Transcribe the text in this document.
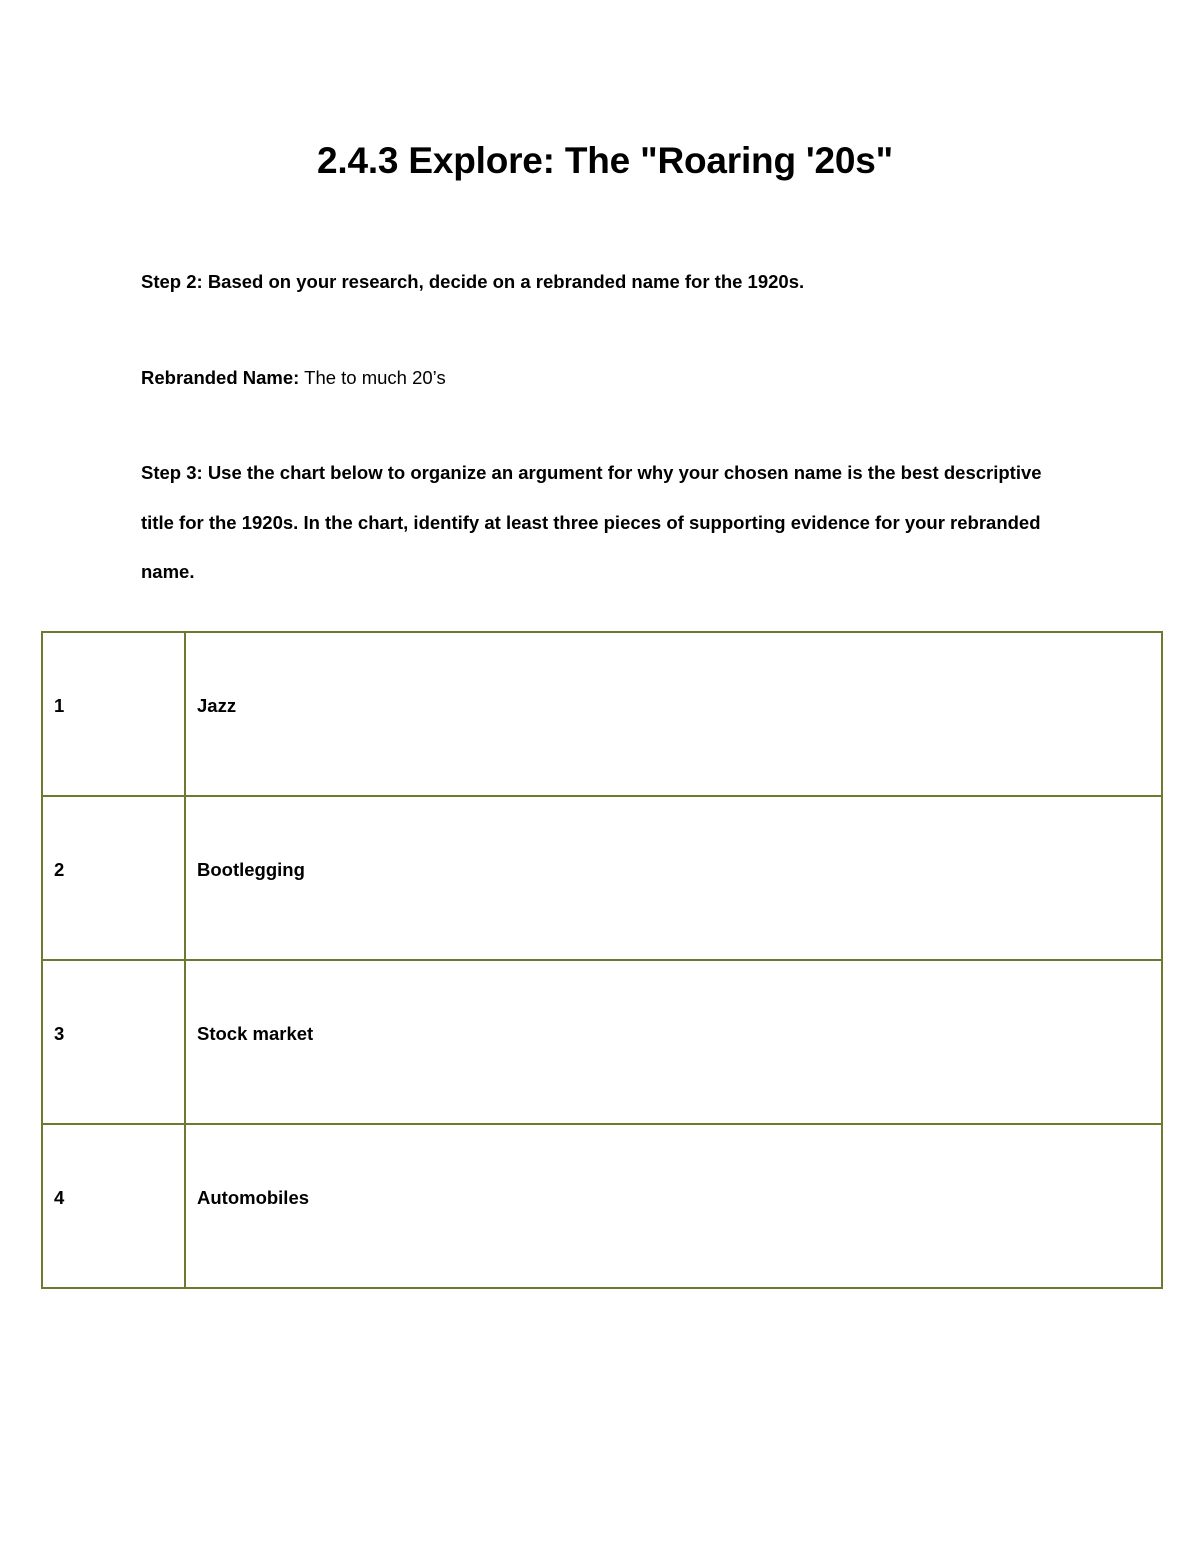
2.4.3 Explore: The "Roaring '20s"

Step 2: Based on your research, decide on a rebranded name for the 1920s.

Rebranded Name: The to much 20’s

Step 3: Use the chart below to organize an argument for why your chosen name is the best descriptive title for the 1920s. In the chart, identify at least three pieces of supporting evidence for your rebranded name.

1	Jazz

2	Bootlegging

3	Stock market

4	Automobiles
